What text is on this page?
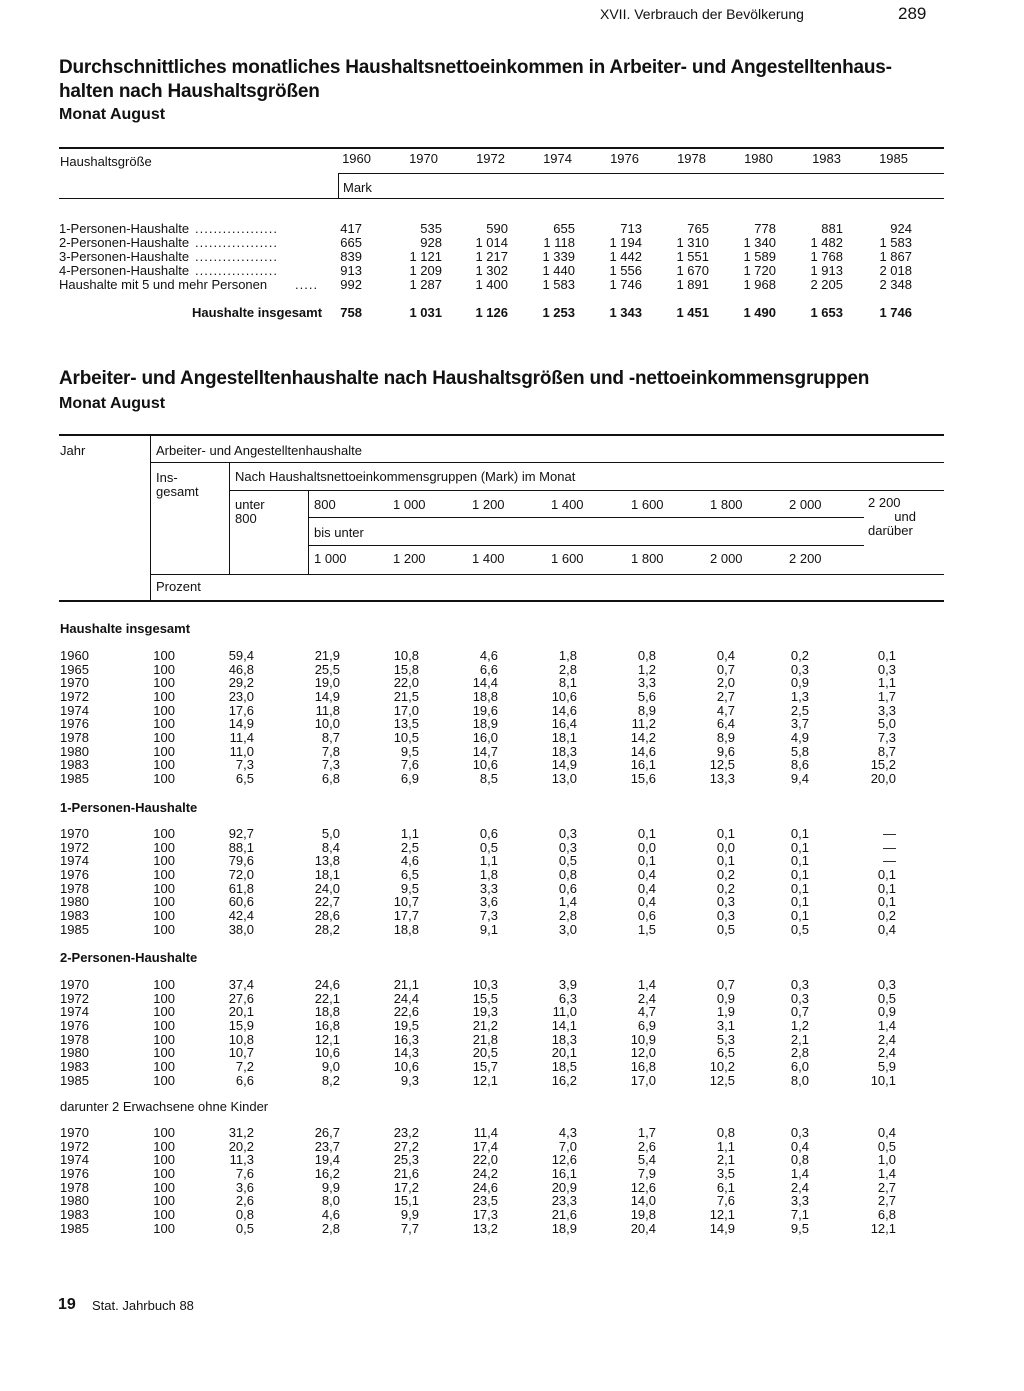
XVII. Verbrauch der Bevölkerung	289
Durchschnittliches monatliches Haushaltsnettoeinkommen in Arbeiter- und Angestelltenhaus-
halten nach Haushaltsgrößen
Monat August
Haushaltsgröße	1960	1970	1972	1974	1976	1978	1980	1983	1985
Mark
1-Personen-Haushalte ..................	417	535	590	655	713	765	778	881	924
2-Personen-Haushalte ..................	665	928	1 014	1 118	1 194	1 310	1 340	1 482	1 583
3-Personen-Haushalte ..................	839	1 121	1 217	1 339	1 442	1 551	1 589	1 768	1 867
4-Personen-Haushalte ..................	913	1 209	1 302	1 440	1 556	1 670	1 720	1 913	2 018
Haushalte mit 5 und mehr Personen .....	992	1 287	1 400	1 583	1 746	1 891	1 968	2 205	2 348
Haushalte insgesamt	758	1 031	1 126	1 253	1 343	1 451	1 490	1 653	1 746
Arbeiter- und Angestelltenhaushalte nach Haushaltsgrößen und -nettoeinkommensgruppen
Monat August
Jahr	Arbeiter- und Angestelltenhaushalte
Ins-
gesamt
Nach Haushaltsnettoeinkommensgruppen (Mark) im Monat
unter
800
800	1 000	1 200	1 400	1 600	1 800	2 000	2 200
und
darüber
bis unter
1 000	1 200	1 400	1 600	1 800	2 000	2 200
Prozent
Haushalte insgesamt
1960	100	59,4	21,9	10,8	4,6	1,8	0,8	0,4	0,2	0,1
1965	100	46,8	25,5	15,8	6,6	2,8	1,2	0,7	0,3	0,3
1970	100	29,2	19,0	22,0	14,4	8,1	3,3	2,0	0,9	1,1
1972	100	23,0	14,9	21,5	18,8	10,6	5,6	2,7	1,3	1,7
1974	100	17,6	11,8	17,0	19,6	14,6	8,9	4,7	2,5	3,3
1976	100	14,9	10,0	13,5	18,9	16,4	11,2	6,4	3,7	5,0
1978	100	11,4	8,7	10,5	16,0	18,1	14,2	8,9	4,9	7,3
1980	100	11,0	7,8	9,5	14,7	18,3	14,6	9,6	5,8	8,7
1983	100	7,3	7,3	7,6	10,6	14,9	16,1	12,5	8,6	15,2
1985	100	6,5	6,8	6,9	8,5	13,0	15,6	13,3	9,4	20,0
1-Personen-Haushalte
1970	100	92,7	5,0	1,1	0,6	0,3	0,1	0,1	0,1	—
1972	100	88,1	8,4	2,5	0,5	0,3	0,0	0,0	0,1	—
1974	100	79,6	13,8	4,6	1,1	0,5	0,1	0,1	0,1	—
1976	100	72,0	18,1	6,5	1,8	0,8	0,4	0,2	0,1	0,1
1978	100	61,8	24,0	9,5	3,3	0,6	0,4	0,2	0,1	0,1
1980	100	60,6	22,7	10,7	3,6	1,4	0,4	0,3	0,1	0,1
1983	100	42,4	28,6	17,7	7,3	2,8	0,6	0,3	0,1	0,2
1985	100	38,0	28,2	18,8	9,1	3,0	1,5	0,5	0,5	0,4
2-Personen-Haushalte
1970	100	37,4	24,6	21,1	10,3	3,9	1,4	0,7	0,3	0,3
1972	100	27,6	22,1	24,4	15,5	6,3	2,4	0,9	0,3	0,5
1974	100	20,1	18,8	22,6	19,3	11,0	4,7	1,9	0,7	0,9
1976	100	15,9	16,8	19,5	21,2	14,1	6,9	3,1	1,2	1,4
1978	100	10,8	12,1	16,3	21,8	18,3	10,9	5,3	2,1	2,4
1980	100	10,7	10,6	14,3	20,5	20,1	12,0	6,5	2,8	2,4
1983	100	7,2	9,0	10,6	15,7	18,5	16,8	10,2	6,0	5,9
1985	100	6,6	8,2	9,3	12,1	16,2	17,0	12,5	8,0	10,1
darunter 2 Erwachsene ohne Kinder
1970	100	31,2	26,7	23,2	11,4	4,3	1,7	0,8	0,3	0,4
1972	100	20,2	23,7	27,2	17,4	7,0	2,6	1,1	0,4	0,5
1974	100	11,3	19,4	25,3	22,0	12,6	5,4	2,1	0,8	1,0
1976	100	7,6	16,2	21,6	24,2	16,1	7,9	3,5	1,4	1,4
1978	100	3,6	9,9	17,2	24,6	20,9	12,6	6,1	2,4	2,7
1980	100	2,6	8,0	15,1	23,5	23,3	14,0	7,6	3,3	2,7
1983	100	0,8	4,6	9,9	17,3	21,6	19,8	12,1	7,1	6,8
1985	100	0,5	2,8	7,7	13,2	18,9	20,4	14,9	9,5	12,1
19 Stat. Jahrbuch 88
